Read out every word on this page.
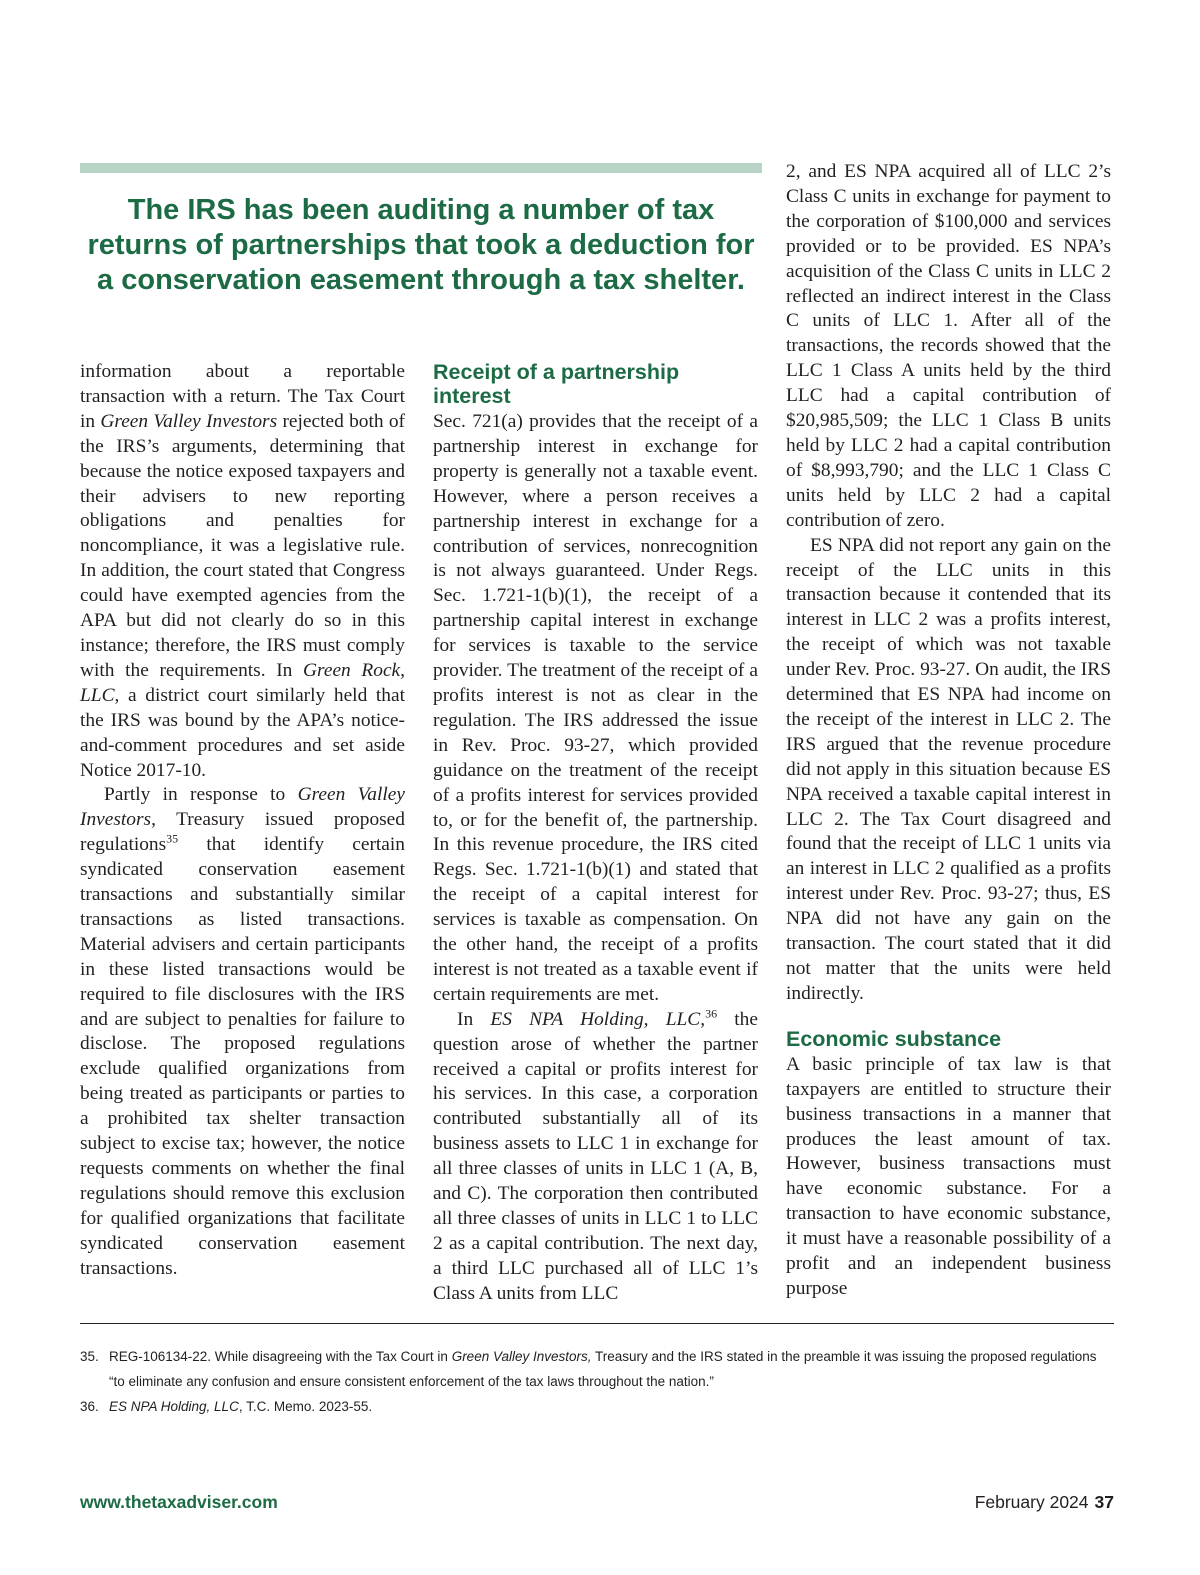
The IRS has been auditing a number of tax returns of partnerships that took a deduction for a conservation easement through a tax shelter.

information about a reportable transaction with a return. The Tax Court in Green Valley Investors rejected both of the IRS’s arguments, determining that because the notice exposed taxpayers and their advisers to new reporting obligations and penalties for noncompliance, it was a legislative rule. In addition, the court stated that Congress could have exempted agencies from the APA but did not clearly do so in this instance; therefore, the IRS must comply with the requirements. In Green Rock, LLC, a district court similarly held that the IRS was bound by the APA’s notice-and-comment procedures and set aside Notice 2017-10.

Partly in response to Green Valley Investors, Treasury issued proposed regulations$^{35}$ that identify certain syndicated conservation easement transactions and substantially similar transactions as listed transactions. Material advisers and certain participants in these listed transactions would be required to file disclosures with the IRS and are subject to penalties for failure to disclose. The proposed regulations exclude qualified organizations from being treated as participants or parties to a prohibited tax shelter transaction subject to excise tax; however, the notice requests comments on whether the final regulations should remove this exclusion for qualified organizations that facilitate syndicated conservation easement transactions.

Receipt of a partnership interest

Sec. 721(a) provides that the receipt of a partnership interest in exchange for property is generally not a taxable event. However, where a person receives a partnership interest in exchange for a contribution of services, nonrecognition is not always guaranteed. Under Regs. Sec. 1.721-1(b)(1), the receipt of a partnership capital interest in exchange for services is taxable to the service provider. The treatment of the receipt of a profits interest is not as clear in the regulation. The IRS addressed the issue in Rev. Proc. 93-27, which provided guidance on the treatment of the receipt of a profits interest for services provided to, or for the benefit of, the partnership. In this revenue procedure, the IRS cited Regs. Sec. 1.721-1(b)(1) and stated that the receipt of a capital interest for services is taxable as compensation. On the other hand, the receipt of a profits interest is not treated as a taxable event if certain requirements are met.

In ES NPA Holding, LLC,$^{36}$ the question arose of whether the partner received a capital or profits interest for his services. In this case, a corporation contributed substantially all of its business assets to LLC 1 in exchange for all three classes of units in LLC 1 (A, B, and C). The corporation then contributed all three classes of units in LLC 1 to LLC 2 as a capital contribution. The next day, a third LLC purchased all of LLC 1’s Class A units from LLC

2, and ES NPA acquired all of LLC 2’s Class C units in exchange for payment to the corporation of $100,000 and services provided or to be provided. ES NPA’s acquisition of the Class C units in LLC 2 reflected an indirect interest in the Class C units of LLC 1. After all of the transactions, the records showed that the LLC 1 Class A units held by the third LLC had a capital contribution of $20,985,509; the LLC 1 Class B units held by LLC 2 had a capital contribution of $8,993,790; and the LLC 1 Class C units held by LLC 2 had a capital contribution of zero.

ES NPA did not report any gain on the receipt of the LLC units in this transaction because it contended that its interest in LLC 2 was a profits interest, the receipt of which was not taxable under Rev. Proc. 93-27. On audit, the IRS determined that ES NPA had income on the receipt of the interest in LLC 2. The IRS argued that the revenue procedure did not apply in this situation because ES NPA received a taxable capital interest in LLC 2. The Tax Court disagreed and found that the receipt of LLC 1 units via an interest in LLC 2 qualified as a profits interest under Rev. Proc. 93-27; thus, ES NPA did not have any gain on the transaction. The court stated that it did not matter that the units were held indirectly.

Economic substance

A basic principle of tax law is that taxpayers are entitled to structure their business transactions in a manner that produces the least amount of tax. However, business transactions must have economic substance. For a transaction to have economic substance, it must have a reasonable possibility of a profit and an independent business purpose

35. REG-106134-22. While disagreeing with the Tax Court in Green Valley Investors, Treasury and the IRS stated in the preamble it was issuing the proposed regulations “to eliminate any confusion and ensure consistent enforcement of the tax laws throughout the nation.”
36. ES NPA Holding, LLC, T.C. Memo. 2023-55.
www.thetaxadviser.com	February 2024 37
